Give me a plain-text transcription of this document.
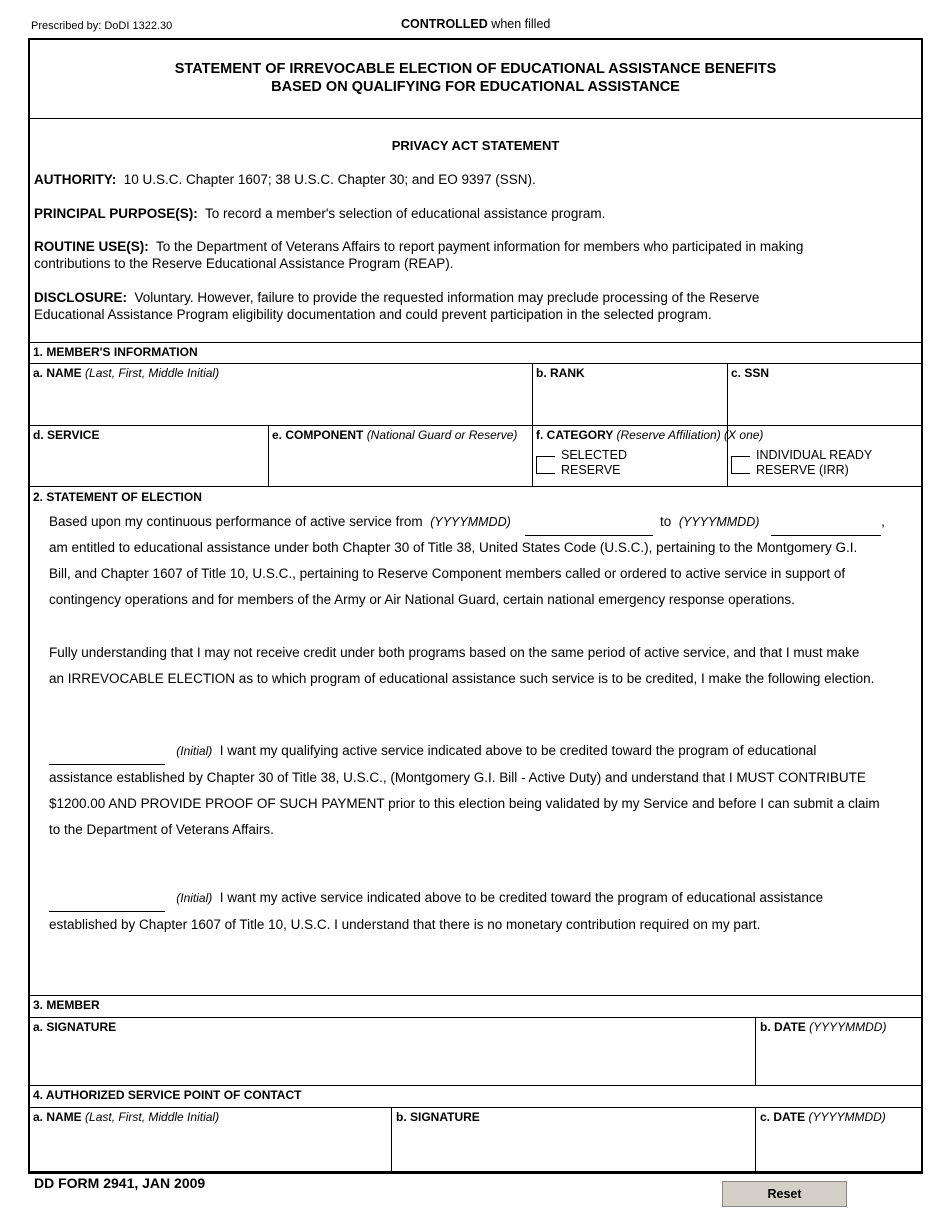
Prescribed by: DoDI 1322.30	CONTROLLED when filled
STATEMENT OF IRREVOCABLE ELECTION OF EDUCATIONAL ASSISTANCE BENEFITS
BASED ON QUALIFYING FOR EDUCATIONAL ASSISTANCE
PRIVACY ACT STATEMENT
AUTHORITY: 10 U.S.C. Chapter 1607; 38 U.S.C. Chapter 30; and EO 9397 (SSN).
PRINCIPAL PURPOSE(S): To record a member's selection of educational assistance program.
ROUTINE USE(S): To the Department of Veterans Affairs to report payment information for members who participated in making contributions to the Reserve Educational Assistance Program (REAP).
DISCLOSURE: Voluntary. However, failure to provide the requested information may preclude processing of the Reserve Educational Assistance Program eligibility documentation and could prevent participation in the selected program.
1. MEMBER'S INFORMATION
a. NAME (Last, First, Middle Initial)	b. RANK	c. SSN
d. SERVICE	e. COMPONENT (National Guard or Reserve) f. CATEGORY (Reserve Affiliation) (X one)
SELECTED
RESERVE
INDIVIDUAL READY
RESERVE (IRR)
2. STATEMENT OF ELECTION
Based upon my continuous performance of active service from (YYYYMMDD)	to (YYYYMMDD)	,
am entitled to educational assistance under both Chapter 30 of Title 38, United States Code (U.S.C.), pertaining to the Montgomery G.I.
Bill, and Chapter 1607 of Title 10, U.S.C., pertaining to Reserve Component members called or ordered to active service in support of
contingency operations and for members of the Army or Air National Guard, certain national emergency response operations.
Fully understanding that I may not receive credit under both programs based on the same period of active service, and that I must make
an IRREVOCABLE ELECTION as to which program of educational assistance such service is to be credited, I make the following election.
(Initial) I want my qualifying active service indicated above to be credited toward the program of educational
assistance established by Chapter 30 of Title 38, U.S.C., (Montgomery G.I. Bill - Active Duty) and understand that I MUST CONTRIBUTE
$1200.00 AND PROVIDE PROOF OF SUCH PAYMENT prior to this election being validated by my Service and before I can submit a claim
to the Department of Veterans Affairs.
(Initial) I want my active service indicated above to be credited toward the program of educational assistance
established by Chapter 1607 of Title 10, U.S.C. I understand that there is no monetary contribution required on my part.
3. MEMBER
a. SIGNATURE	b. DATE (YYYYMMDD)
4. AUTHORIZED SERVICE POINT OF CONTACT
a. NAME (Last, First, Middle Initial)	b. SIGNATURE	c. DATE (YYYYMMDD)
DD FORM 2941, JAN 2009
Reset
